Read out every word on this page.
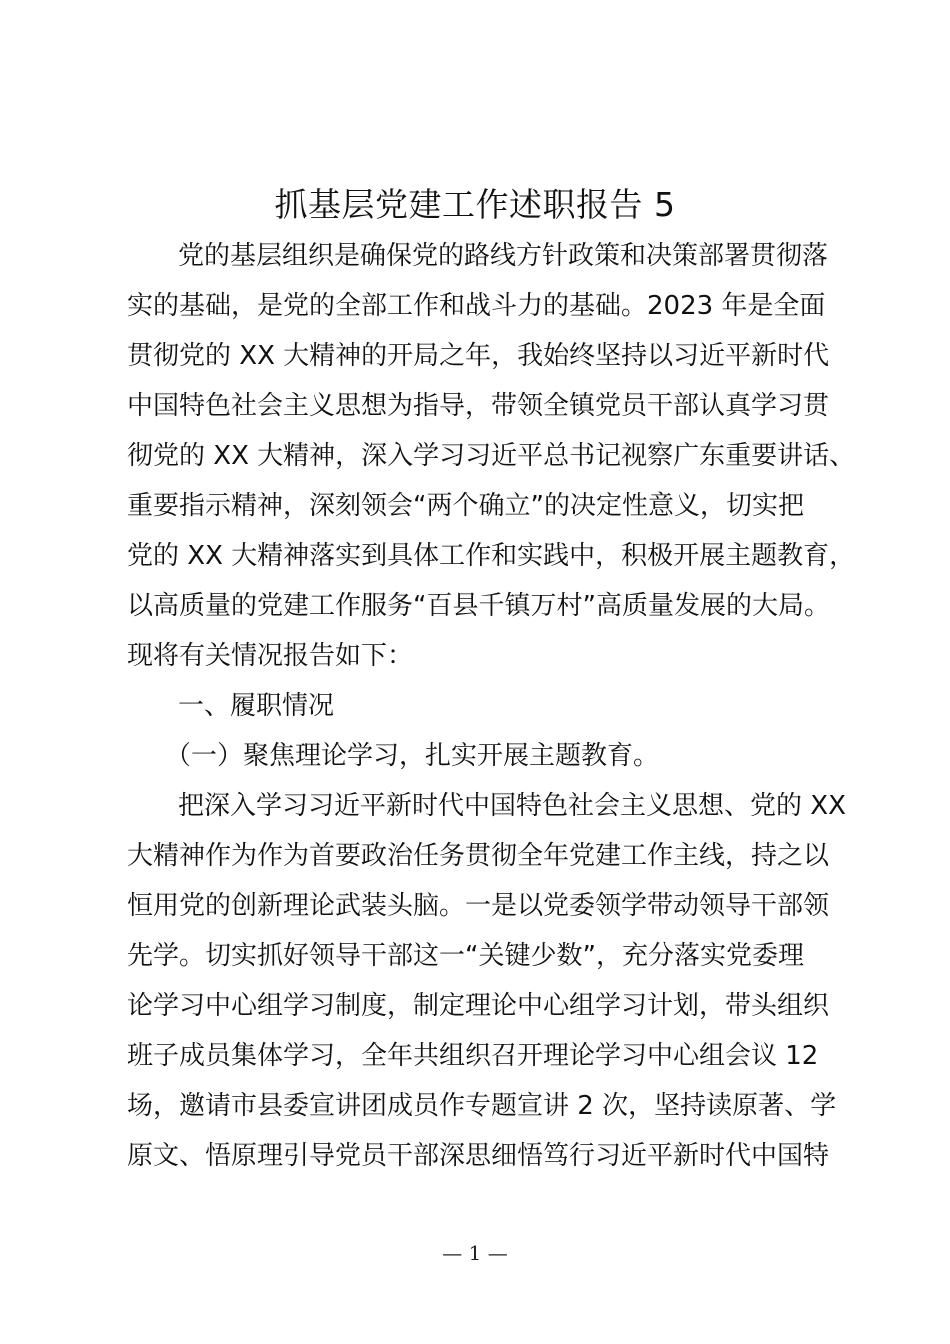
抓基层党建工作述职报告 5
党的基层组织是确保党的路线方针政策和决策部署贯彻落
实的基础，是党的全部工作和战斗力的基础。2023 年是全面
贯彻党的 XX 大精神的开局之年，我始终坚持以习近平新时代
中国特色社会主义思想为指导，带领全镇党员干部认真学习贯
彻党的 XX 大精神，深入学习习近平总书记视察广东重要讲话、
重要指示精神，深刻领会“两个确立”的决定性意义，切实把
党的 XX 大精神落实到具体工作和实践中，积极开展主题教育，
以高质量的党建工作服务“百县千镇万村”高质量发展的大局。
现将有关情况报告如下：
一、履职情况
（一）聚焦理论学习，扎实开展主题教育。
把深入学习习近平新时代中国特色社会主义思想、党的 XX
大精神作为作为首要政治任务贯彻全年党建工作主线，持之以
恒用党的创新理论武装头脑。一是以党委领学带动领导干部领
先学。切实抓好领导干部这一“关键少数”，充分落实党委理
论学习中心组学习制度，制定理论中心组学习计划，带头组织
班子成员集体学习，全年共组织召开理论学习中心组会议 12
场，邀请市县委宣讲团成员作专题宣讲 2 次，坚持读原著、学
原文、悟原理引导党员干部深思细悟笃行习近平新时代中国特
— 1 —
